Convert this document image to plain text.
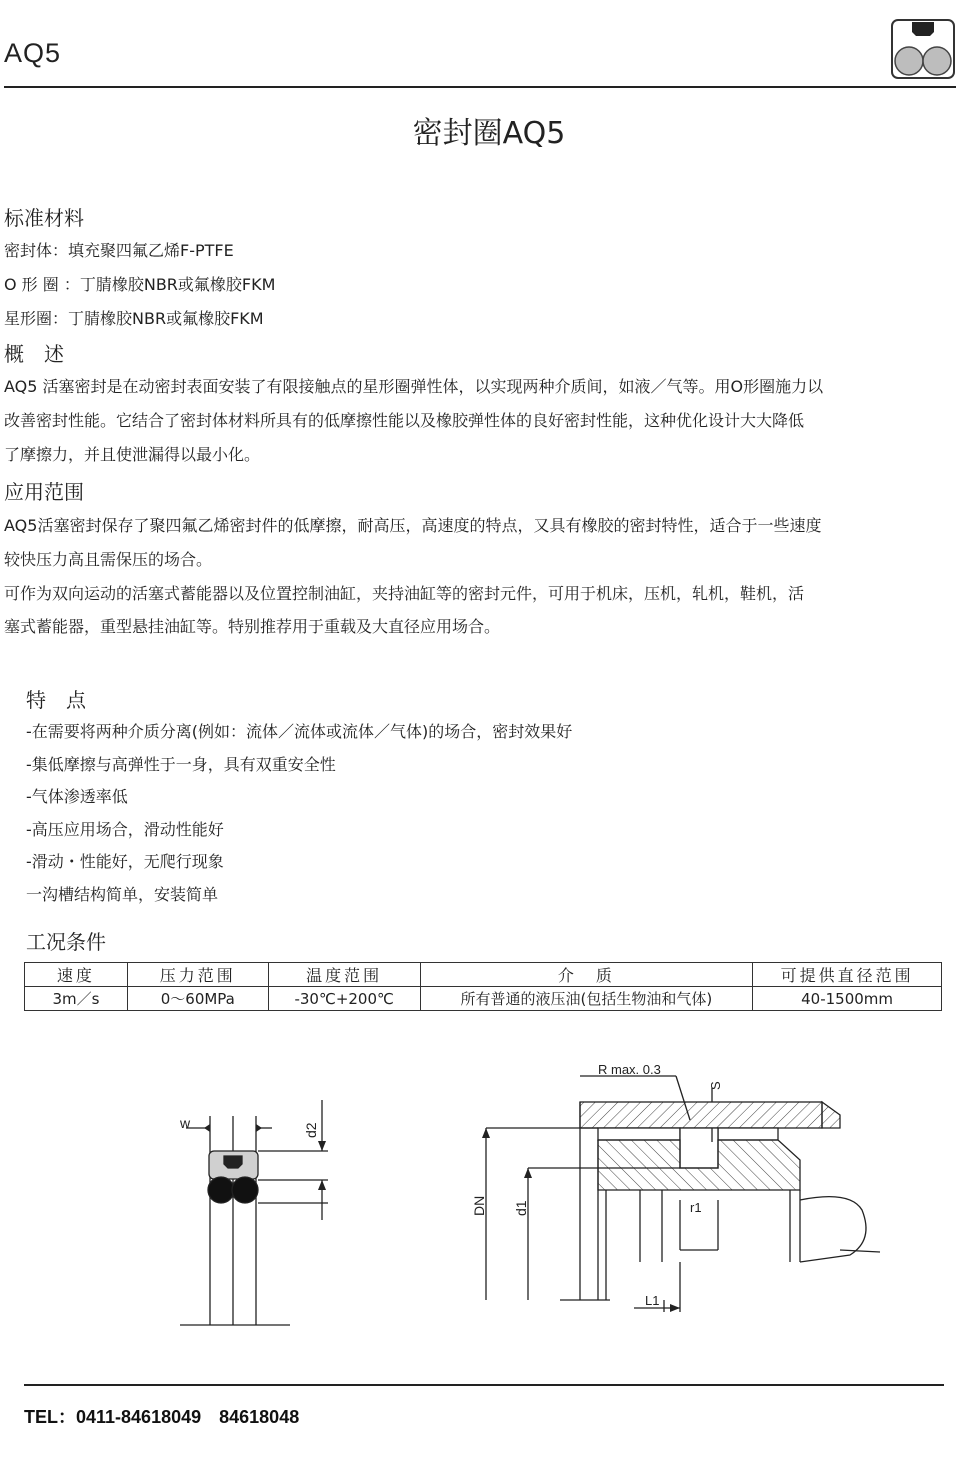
AQ5
密封圈AQ5
标准材料
密封体：填充聚四氟乙烯F-PTFE
O 形 圈 ：丁腈橡胶NBR或氟橡胶FKM
星形圈：丁腈橡胶NBR或氟橡胶FKM
概　述
AQ5 活塞密封是在动密封表面安装了有限接触点的星形圈弹性体，以实现两种介质间，如液／气等。用O形圈施力以
改善密封性能。它结合了密封体材料所具有的低摩擦性能以及橡胶弹性体的良好密封性能，这种优化设计大大降低
了摩擦力，并且使泄漏得以最小化。
应用范围
AQ5活塞密封保存了聚四氟乙烯密封件的低摩擦，耐高压，高速度的特点，又具有橡胶的密封特性，适合于一些速度
较快压力高且需保压的场合。
可作为双向运动的活塞式蓄能器以及位置控制油缸，夹持油缸等的密封元件，可用于机床，压机，轧机，鞋机，活
塞式蓄能器，重型悬挂油缸等。特别推荐用于重载及大直径应用场合。
特　点
-在需要将两种介质分离(例如：流体／流体或流体／气体)的场合，密封效果好
-集低摩擦与高弹性于一身，具有双重安全性
-气体渗透率低
-高压应用场合，滑动性能好
-滑动・性能好，无爬行现象
一沟槽结构简单，安装简单
工况条件
速度	压力范围	温度范围	介　质	可提供直径范围
3m／s	0～60MPa	-30℃+200℃	所有普通的液压油(包括生物油和气体)	40-1500mm
w	d2
R max. 0.3
S
DN d1	r1
L1
TEL：0411-84618049　84618048
